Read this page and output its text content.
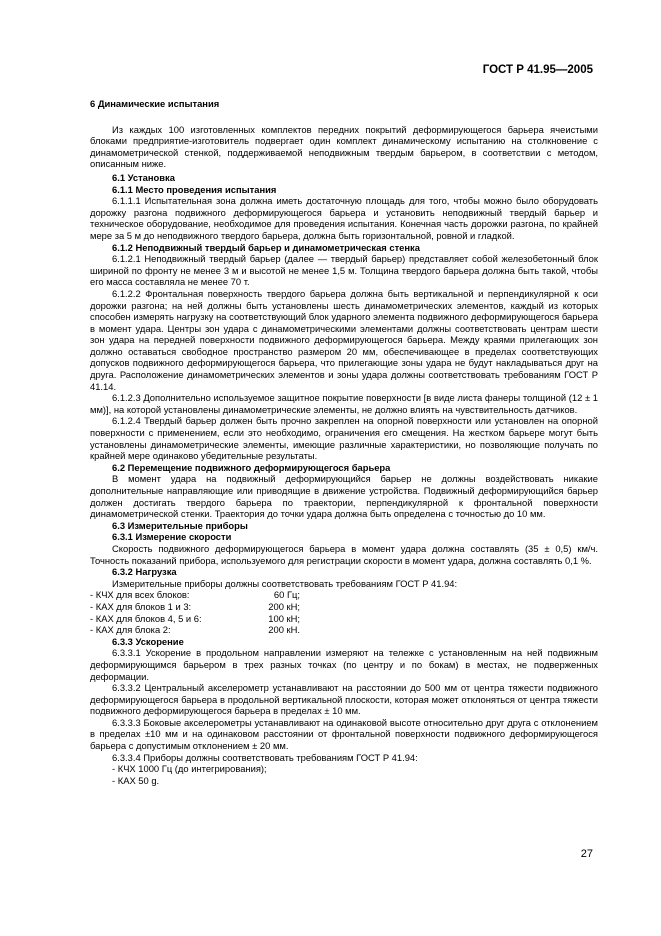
ГОСТ Р 41.95—2005

6 Динамические испытания

Из каждых 100 изготовленных комплектов передних покрытий деформирующегося барьера ячеистыми блоками предприятие-изготовитель подвергает один комплект динамическому испытанию на столкновение с динамометрической стенкой, поддерживаемой неподвижным твердым барьером, в соответствии с методом, описанным ниже.

6.1 Установка

6.1.1 Место проведения испытания

6.1.1.1 Испытательная зона должна иметь достаточную площадь для того, чтобы можно было оборудовать дорожку разгона подвижного деформирующегося барьера и установить неподвижный твердый барьер и техническое оборудование, необходимое для проведения испытания. Конечная часть дорожки разгона, по крайней мере за 5 м до неподвижного твердого барьера, должна быть горизонтальной, ровной и гладкой.

6.1.2 Неподвижный твердый барьер и динамометрическая стенка

6.1.2.1 Неподвижный твердый барьер (далее — твердый барьер) представляет собой железобетонный блок шириной по фронту не менее 3 м и высотой не менее 1,5 м. Толщина твердого барьера должна быть такой, чтобы его масса составляла не менее 70 т.

6.1.2.2 Фронтальная поверхность твердого барьера должна быть вертикальной и перпендикулярной к оси дорожки разгона; на ней должны быть установлены шесть динамометрических элементов, каждый из которых способен измерять нагрузку на соответствующий блок ударного элемента подвижного деформирующегося барьера в момент удара. Центры зон удара с динамометрическими элементами должны соответствовать центрам шести зон удара на передней поверхности подвижного деформирующегося барьера. Между краями прилегающих зон должно оставаться свободное пространство размером 20 мм, обеспечивающее в пределах соответствующих допусков подвижного деформирующегося барьера, что прилегающие зоны удара не будут накладываться друг на друга. Расположение динамометрических элементов и зоны удара должны соответствовать требованиям ГОСТ Р 41.14.

6.1.2.3 Дополнительно используемое защитное покрытие поверхности [в виде листа фанеры толщиной (12 ± 1 мм)], на которой установлены динамометрические элементы, не должно влиять на чувствительность датчиков.

6.1.2.4 Твердый барьер должен быть прочно закреплен на опорной поверхности или установлен на опорной поверхности с применением, если это необходимо, ограничения его смещения. На жестком барьере могут быть установлены динамометрические элементы, имеющие различные характеристики, но позволяющие получать по крайней мере одинаково убедительные результаты.

6.2 Перемещение подвижного деформирующегося барьера

В момент удара на подвижный деформирующийся барьер не должны воздействовать никакие дополнительные направляющие или приводящие в движение устройства. Подвижный деформирующийся барьер должен достигать твердого барьера по траектории, перпендикулярной к фронтальной поверхности динамометрической стенки. Траектория до точки удара должна быть определена с точностью до 10 мм.

6.3 Измерительные приборы

6.3.1 Измерение скорости

Скорость подвижного деформирующегося барьера в момент удара должна составлять (35 ± 0,5) км/ч. Точность показаний прибора, используемого для регистрации скорости в момент удара, должна составлять 0,1 %.

6.3.2 Нагрузка

Измерительные приборы должны соответствовать требованиям ГОСТ Р 41.94:

- КЧХ для всех блоков:	60 Гц;
- КАХ для блоков 1 и 3:	200 кН;
- КАХ для блоков 4, 5 и 6:	100 кН;
- КАХ для блока 2:	200 кН.

6.3.3 Ускорение

6.3.3.1 Ускорение в продольном направлении измеряют на тележке с установленным на ней подвижным деформирующимся барьером в трех разных точках (по центру и по бокам) в местах, не подверженных деформации.

6.3.3.2 Центральный акселерометр устанавливают на расстоянии до 500 мм от центра тяжести подвижного деформирующегося барьера в продольной вертикальной плоскости, которая может отклоняться от центра тяжести подвижного деформирующегося барьера в пределах ± 10 мм.

6.3.3.3 Боковые акселерометры устанавливают на одинаковой высоте относительно друг друга с отклонением в пределах ±10 мм и на одинаковом расстоянии от фронтальной поверхности подвижного деформирующегося барьера с допустимым отклонением ± 20 мм.

6.3.3.4 Приборы должны соответствовать требованиям ГОСТ Р 41.94:

- КЧХ 1000 Гц (до интегрирования);

- КАХ 50 g.

27
